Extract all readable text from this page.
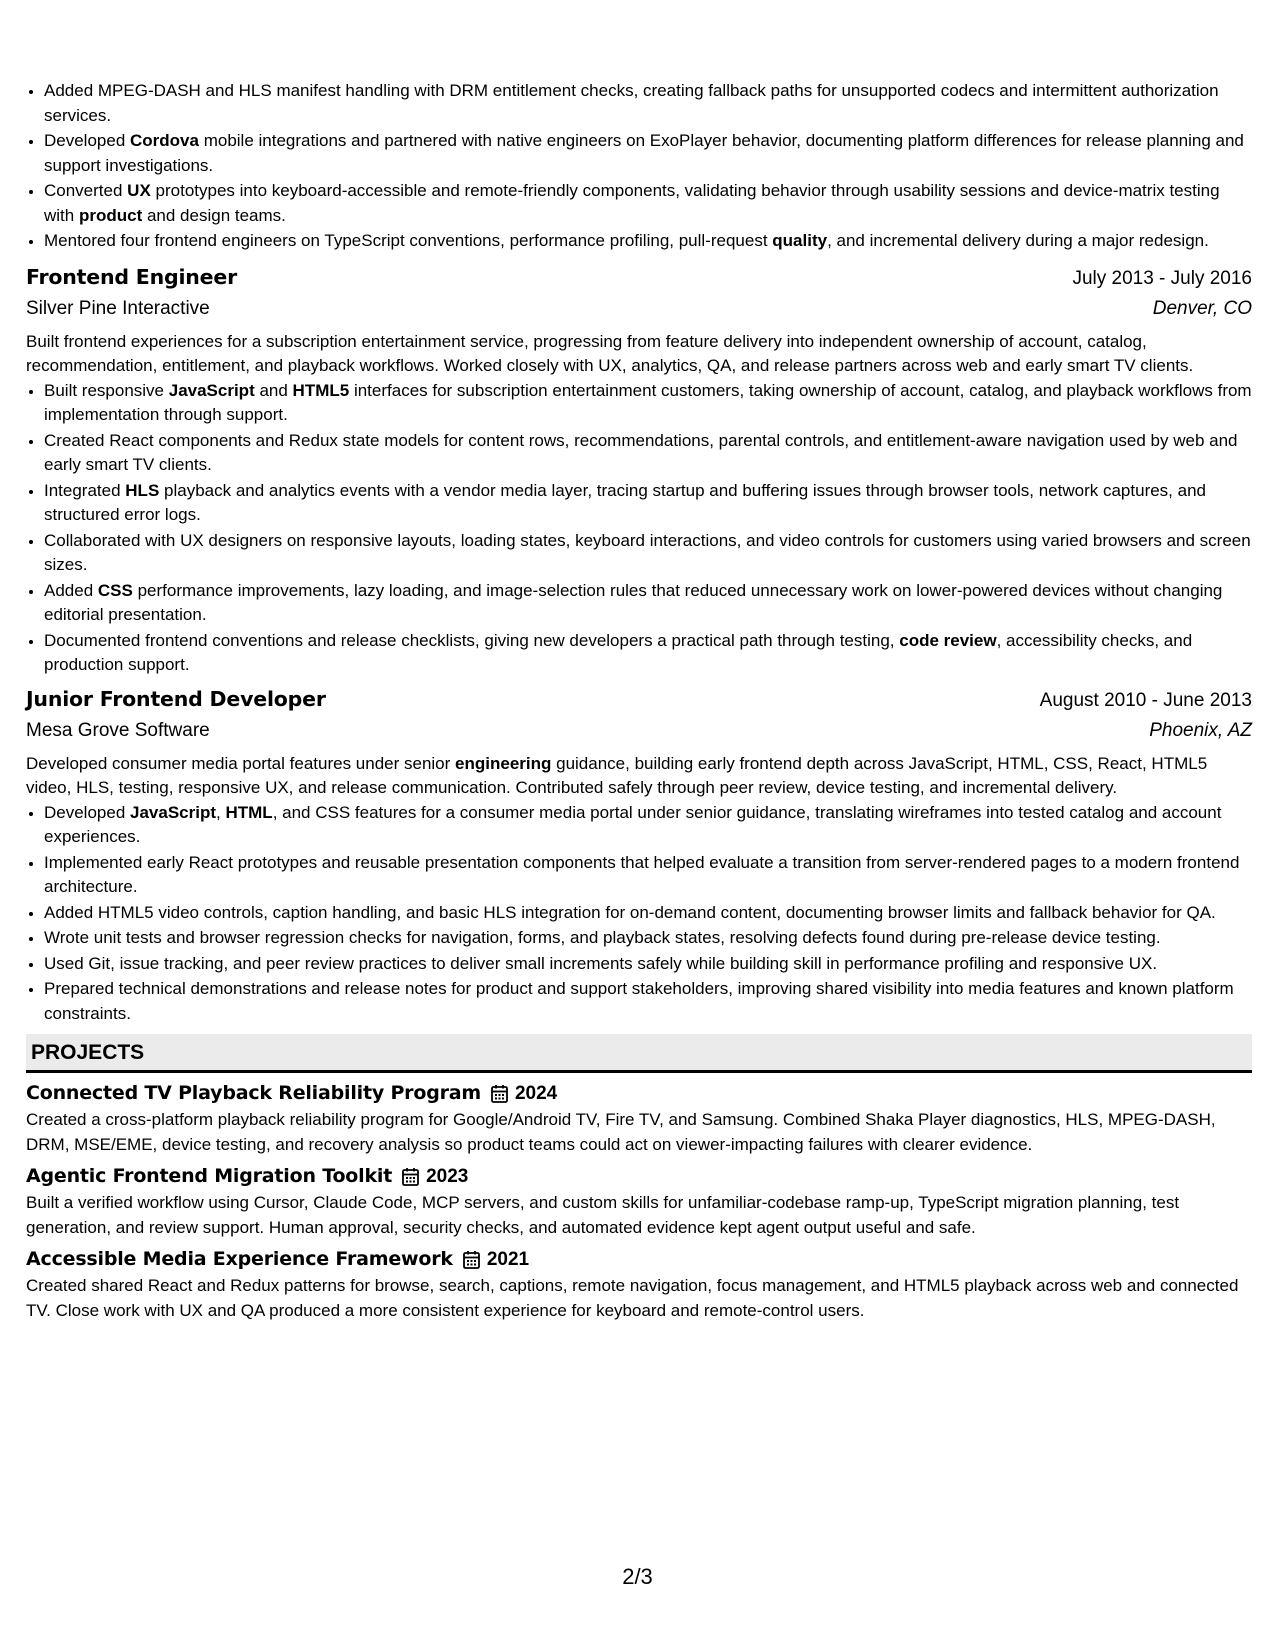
• Added MPEG-DASH and HLS manifest handling with DRM entitlement checks, creating fallback paths for unsupported codecs and intermittent authorization services.
• Developed Cordova mobile integrations and partnered with native engineers on ExoPlayer behavior, documenting platform differences for release planning and support investigations.
• Converted UX prototypes into keyboard-accessible and remote-friendly components, validating behavior through usability sessions and device-matrix testing with product and design teams.
• Mentored four frontend engineers on TypeScript conventions, performance profiling, pull-request quality, and incremental delivery during a major redesign.
Frontend Engineer	July 2013 - July 2016
Silver Pine Interactive	Denver, CO

Built frontend experiences for a subscription entertainment service, progressing from feature delivery into independent ownership of account, catalog, recommendation, entitlement, and playback workflows. Worked closely with UX, analytics, QA, and release partners across web and early smart TV clients.

• Built responsive JavaScript and HTML5 interfaces for subscription entertainment customers, taking ownership of account, catalog, and playback workflows from implementation through support.
• Created React components and Redux state models for content rows, recommendations, parental controls, and entitlement-aware navigation used by web and early smart TV clients.
• Integrated HLS playback and analytics events with a vendor media layer, tracing startup and buffering issues through browser tools, network captures, and structured error logs.
• Collaborated with UX designers on responsive layouts, loading states, keyboard interactions, and video controls for customers using varied browsers and screen sizes.
• Added CSS performance improvements, lazy loading, and image-selection rules that reduced unnecessary work on lower-powered devices without changing editorial presentation.
• Documented frontend conventions and release checklists, giving new developers a practical path through testing, code review, accessibility checks, and production support.
Junior Frontend Developer	August 2010 - June 2013
Mesa Grove Software	Phoenix, AZ

Developed consumer media portal features under senior engineering guidance, building early frontend depth across JavaScript, HTML, CSS, React, HTML5 video, HLS, testing, responsive UX, and release communication. Contributed safely through peer review, device testing, and incremental delivery.

• Developed JavaScript, HTML, and CSS features for a consumer media portal under senior guidance, translating wireframes into tested catalog and account experiences.
• Implemented early React prototypes and reusable presentation components that helped evaluate a transition from server-rendered pages to a modern frontend architecture.
• Added HTML5 video controls, caption handling, and basic HLS integration for on-demand content, documenting browser limits and fallback behavior for QA.
• Wrote unit tests and browser regression checks for navigation, forms, and playback states, resolving defects found during pre-release device testing.
• Used Git, issue tracking, and peer review practices to deliver small increments safely while building skill in performance profiling and responsive UX.
• Prepared technical demonstrations and release notes for product and support stakeholders, improving shared visibility into media features and known platform constraints.
PROJECTS
Connected TV Playback Reliability Program 2024

Created a cross-platform playback reliability program for Google/Android TV, Fire TV, and Samsung. Combined Shaka Player diagnostics, HLS, MPEG-DASH, DRM, MSE/EME, device testing, and recovery analysis so product teams could act on viewer-impacting failures with clearer evidence.

Agentic Frontend Migration Toolkit 2023

Built a verified workflow using Cursor, Claude Code, MCP servers, and custom skills for unfamiliar-codebase ramp-up, TypeScript migration planning, test generation, and review support. Human approval, security checks, and automated evidence kept agent output useful and safe.

Accessible Media Experience Framework 2021

Created shared React and Redux patterns for browse, search, captions, remote navigation, focus management, and HTML5 playback across web and connected TV. Close work with UX and QA produced a more consistent experience for keyboard and remote-control users.

2/3
